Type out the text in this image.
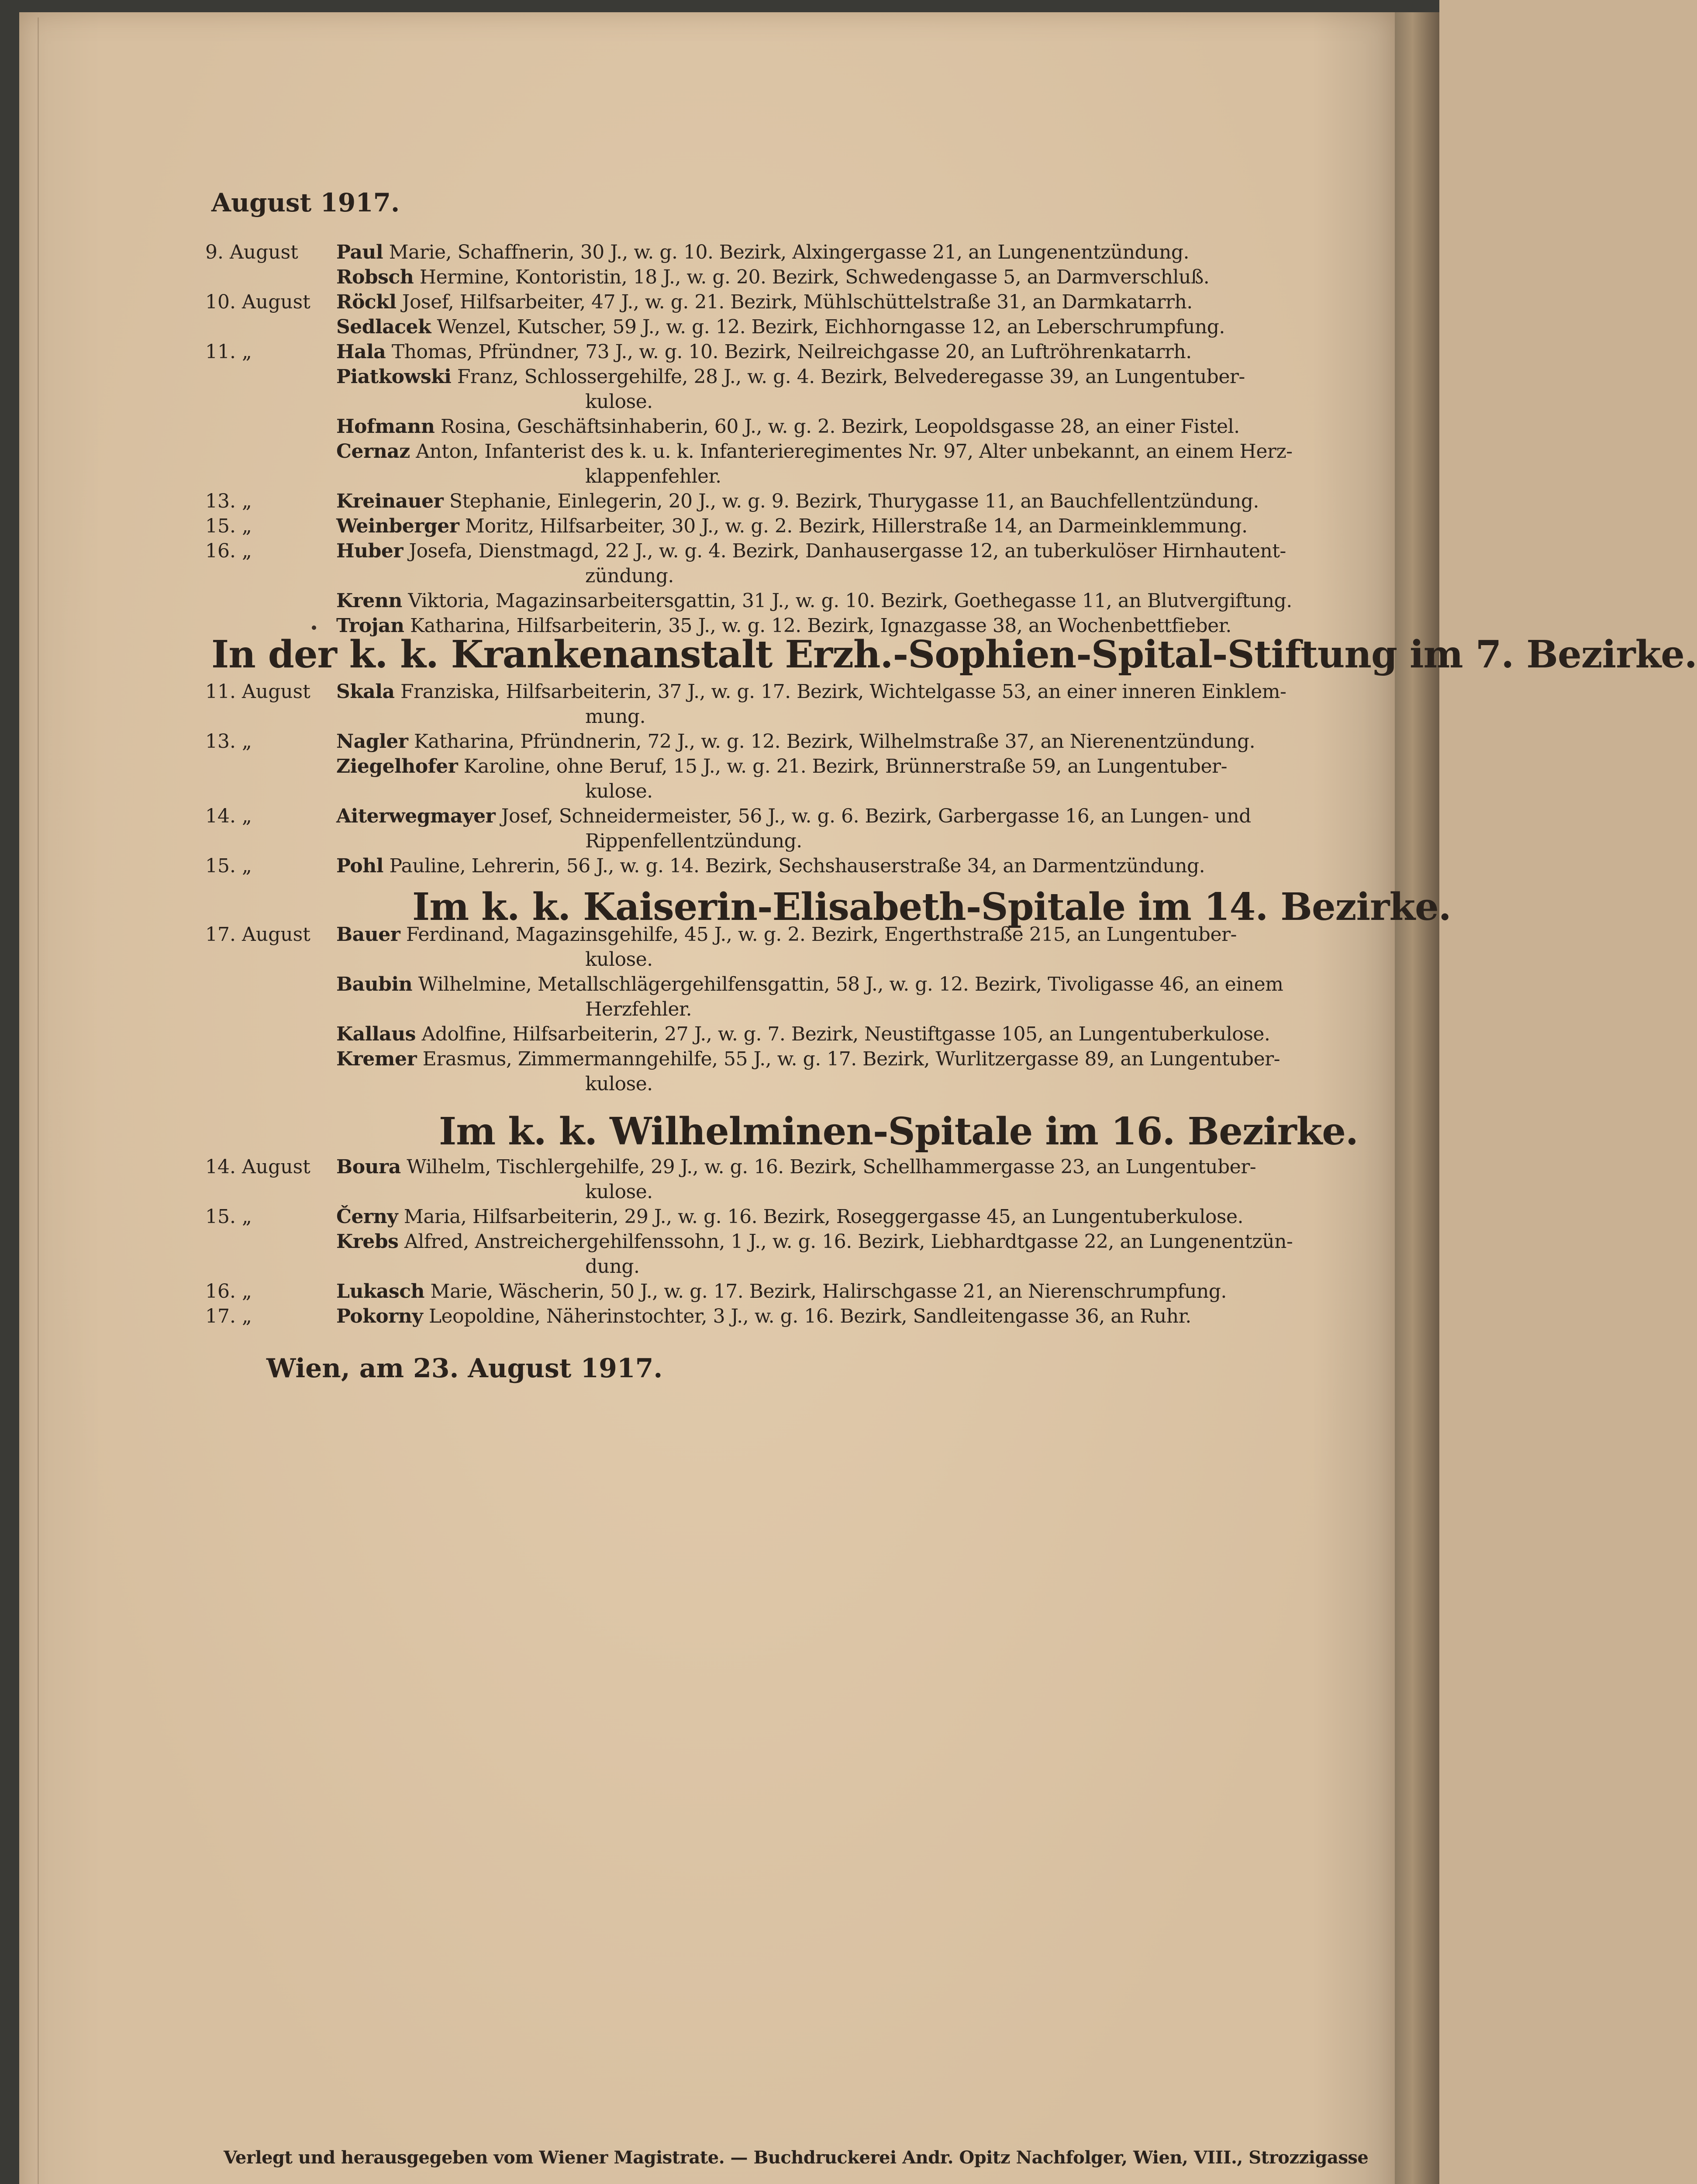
August 1917.
In der k. k. Krankenanstalt Erzh.-Sophien-Spital-Stiftung im 7. Bezirke.
Im k. k. Kaiserin-Elisabeth-Spitale im 14. Bezirke.
Im k. k. Wilhelminen-Spitale im 16. Bezirke.
Wien, am 23. August 1917.
Verlegt und herausgegeben vom Wiener Magistrate. — Buchdruckerei Andr. Opitz Nachfolger, Wien, VIII., Strozzigasse
9. August Paul Marie, Schaffnerin, 30 J., w. g. 10. Bezirk, Alxingergasse 21, an Lungenentzündung.
Robsch Hermine, Kontoristin, 18 J., w. g. 20. Bezirk, Schwedengasse 5, an Darmverschluß.
10. August Röckl Josef, Hilfsarbeiter, 47 J., w. g. 21. Bezirk, Mühlschüttelstraße 31, an Darmkatarrh.
Sedlacek Wenzel, Kutscher, 59 J., w. g. 12. Bezirk, Eichhorngasse 12, an Leberschrumpfung.
11. „	Hala Thomas, Pfründner, 73 J., w. g. 10. Bezirk, Neilreichgasse 20, an Luftröhrenkatarrh.
Piatkowski Franz, Schlossergehilfe, 28 J., w. g. 4. Bezirk, Belvederegasse 39, an Lungentuber-
kulose.
Hofmann Rosina, Geschäftsinhaberin, 60 J., w. g. 2. Bezirk, Leopoldsgasse 28, an einer Fistel.
Cernaz Anton, Infanterist des k. u. k. Infanterieregimentes Nr. 97, Alter unbekannt, an einem Herz-
klappenfehler.
13. „	Kreinauer Stephanie, Einlegerin, 20 J., w. g. 9. Bezirk, Thurygasse 11, an Bauchfellentzündung.
15. „	Weinberger Moritz, Hilfsarbeiter, 30 J., w. g. 2. Bezirk, Hillerstraße 14, an Darmeinklemmung.
16. „	Huber Josefa, Dienstmagd, 22 J., w. g. 4. Bezirk, Danhausergasse 12, an tuberkulöser Hirnhautent-
zündung.
Krenn Viktoria, Magazinsarbeitersgattin, 31 J., w. g. 10. Bezirk, Goethegasse 11, an Blutvergiftung.
Trojan Katharina, Hilfsarbeiterin, 35 J., w. g. 12. Bezirk, Ignazgasse 38, an Wochenbettfieber.
11. August Skala Franziska, Hilfsarbeiterin, 37 J., w. g. 17. Bezirk, Wichtelgasse 53, an einer inneren Einklem-
mung.
13. „	Nagler Katharina, Pfründnerin, 72 J., w. g. 12. Bezirk, Wilhelmstraße 37, an Nierenentzündung.
Ziegelhofer Karoline, ohne Beruf, 15 J., w. g. 21. Bezirk, Brünnerstraße 59, an Lungentuber-
kulose.
14. „	Aiterwegmayer Josef, Schneidermeister, 56 J., w. g. 6. Bezirk, Garbergasse 16, an Lungen- und
Rippenfellentzündung.
15. „	Pohl Pauline, Lehrerin, 56 J., w. g. 14. Bezirk, Sechshauserstraße 34, an Darmentzündung.
17. August Bauer Ferdinand, Magazinsgehilfe, 45 J., w. g. 2. Bezirk, Engerthstraße 215, an Lungentuber-
kulose.
Baubin Wilhelmine, Metallschlägergehilfensgattin, 58 J., w. g. 12. Bezirk, Tivoligasse 46, an einem
Herzfehler.
Kallaus Adolfine, Hilfsarbeiterin, 27 J., w. g. 7. Bezirk, Neustiftgasse 105, an Lungentuberkulose.
Kremer Erasmus, Zimmermanngehilfe, 55 J., w. g. 17. Bezirk, Wurlitzergasse 89, an Lungentuber-
kulose.
14. August Boura Wilhelm, Tischlergehilfe, 29 J., w. g. 16. Bezirk, Schellhammergasse 23, an Lungentuber-
kulose.
15. „	Černy Maria, Hilfsarbeiterin, 29 J., w. g. 16. Bezirk, Roseggergasse 45, an Lungentuberkulose.
Krebs Alfred, Anstreichergehilfenssohn, 1 J., w. g. 16. Bezirk, Liebhardtgasse 22, an Lungenentzün-
dung.
16. „	Lukasch Marie, Wäscherin, 50 J., w. g. 17. Bezirk, Halirschgasse 21, an Nierenschrumpfung.
17. „	Pokorny Leopoldine, Näherinstochter, 3 J., w. g. 16. Bezirk, Sandleitengasse 36, an Ruhr.
